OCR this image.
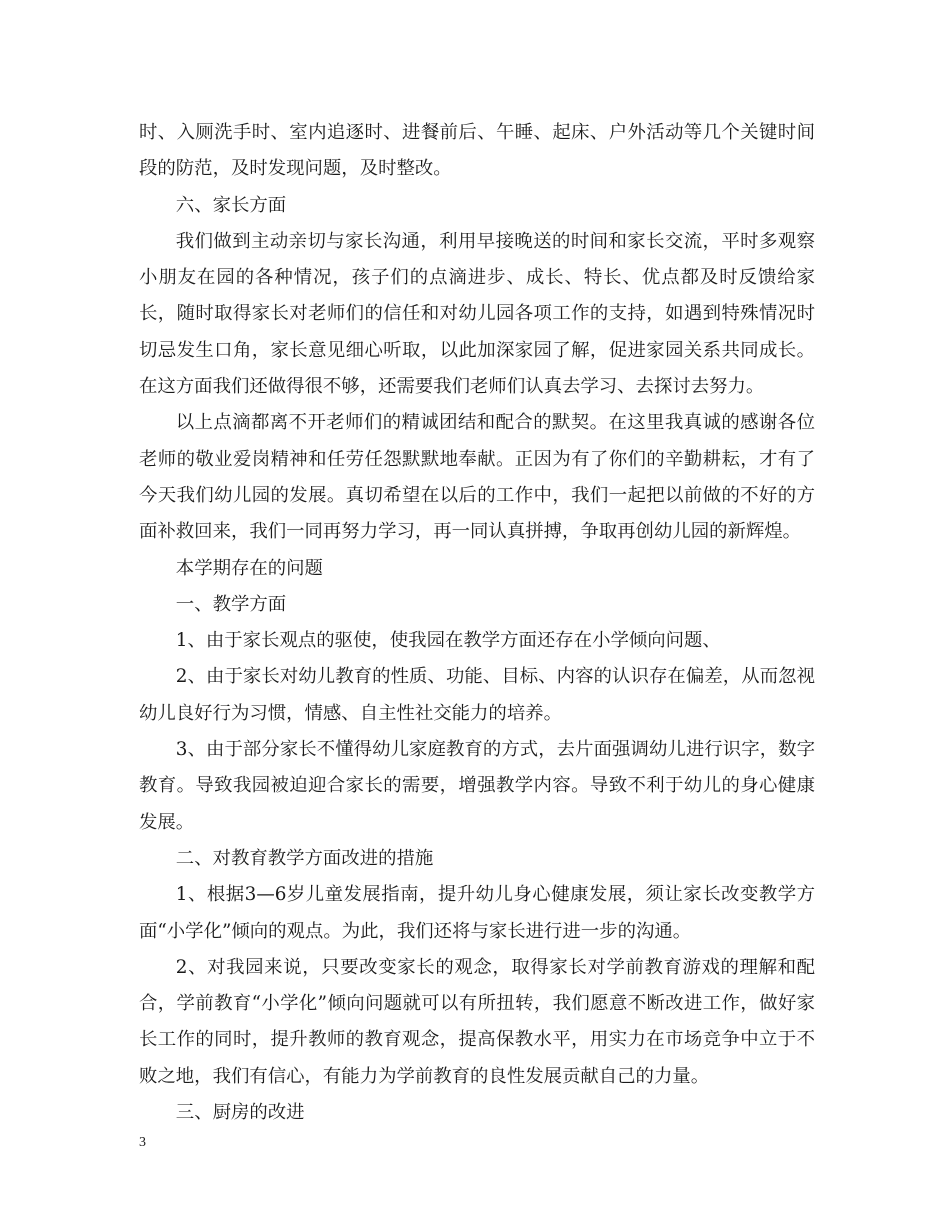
时、入厕洗手时、室内追逐时、进餐前后、午睡、起床、户外活动等几个关键时间段的防范，及时发现问题，及时整改。

六、家长方面

我们做到主动亲切与家长沟通，利用早接晚送的时间和家长交流，平时多观察小朋友在园的各种情况，孩子们的点滴进步、成长、特长、优点都及时反馈给家长，随时取得家长对老师们的信任和对幼儿园各项工作的支持，如遇到特殊情况时切忌发生口角，家长意见细心听取，以此加深家园了解，促进家园关系共同成长。在这方面我们还做得很不够，还需要我们老师们认真去学习、去探讨去努力。

以上点滴都离不开老师们的精诚团结和配合的默契。在这里我真诚的感谢各位老师的敬业爱岗精神和任劳任怨默默地奉献。正因为有了你们的辛勤耕耘，才有了今天我们幼儿园的发展。真切希望在以后的工作中，我们一起把以前做的不好的方面补救回来，我们一同再努力学习，再一同认真拼搏，争取再创幼儿园的新辉煌。

本学期存在的问题

一、教学方面

1、由于家长观点的驱使，使我园在教学方面还存在小学倾向问题、

2、由于家长对幼儿教育的性质、功能、目标、内容的认识存在偏差，从而忽视幼儿良好行为习惯，情感、自主性社交能力的培养。

3、由于部分家长不懂得幼儿家庭教育的方式，去片面强调幼儿进行识字，数字教育。导致我园被迫迎合家长的需要，增强教学内容。导致不利于幼儿的身心健康发展。

二、对教育教学方面改进的措施

1、根据3—6岁儿童发展指南，提升幼儿身心健康发展，须让家长改变教学方面“小学化”倾向的观点。为此，我们还将与家长进行进一步的沟通。

2、对我园来说，只要改变家长的观念，取得家长对学前教育游戏的理解和配合，学前教育“小学化”倾向问题就可以有所扭转，我们愿意不断改进工作，做好家长工作的同时，提升教师的教育观念，提高保教水平，用实力在市场竞争中立于不败之地，我们有信心，有能力为学前教育的良性发展贡献自己的力量。

三、厨房的改进

3
